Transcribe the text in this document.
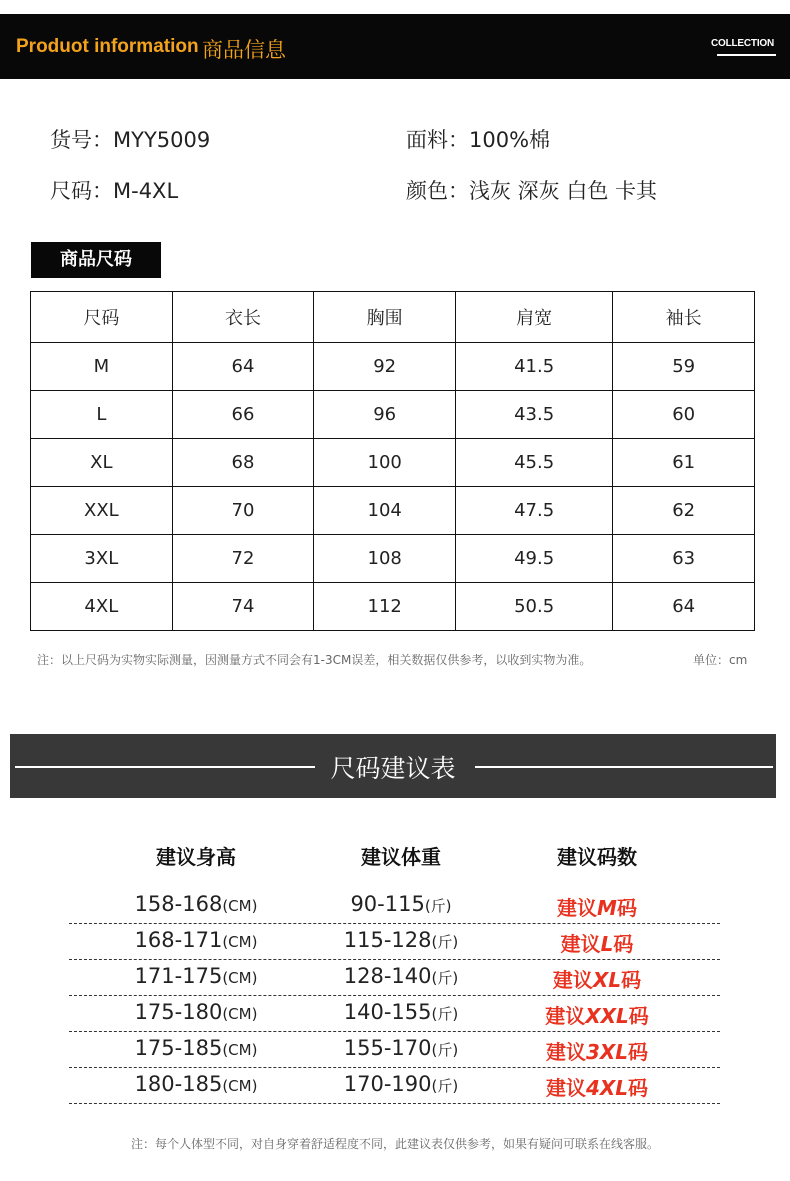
Produot information 商品信息	COLLECTION
货号：MYY5009	面料：100%棉
尺码：M-4XL	颜色：浅灰 深灰 白色 卡其
商品尺码
尺码	衣长	胸围	肩宽	袖长
M	64	92	41.5	59
L	66	96	43.5	60
XL	68	100	45.5	61
XXL	70	104	47.5	62
3XL	72	108	49.5	63
4XL	74	112	50.5	64
注：以上尺码为实物实际测量，因测量方式不同会有1-3CM误差，相关数据仅供参考，以收到实物为准。	单位：cm
尺码建议表
建议身高	建议体重	建议码数
158-168(CM)	90-115(斤)	建议M码
168-171(CM)	115-128(斤)	建议L码
171-175(CM)	128-140(斤)	建议XL码
175-180(CM)	140-155(斤)	建议XXL码
175-185(CM)	155-170(斤)	建议3XL码
180-185(CM)	170-190(斤)	建议4XL码
注：每个人体型不同，对自身穿着舒适程度不同，此建议表仅供参考，如果有疑问可联系在线客服。
